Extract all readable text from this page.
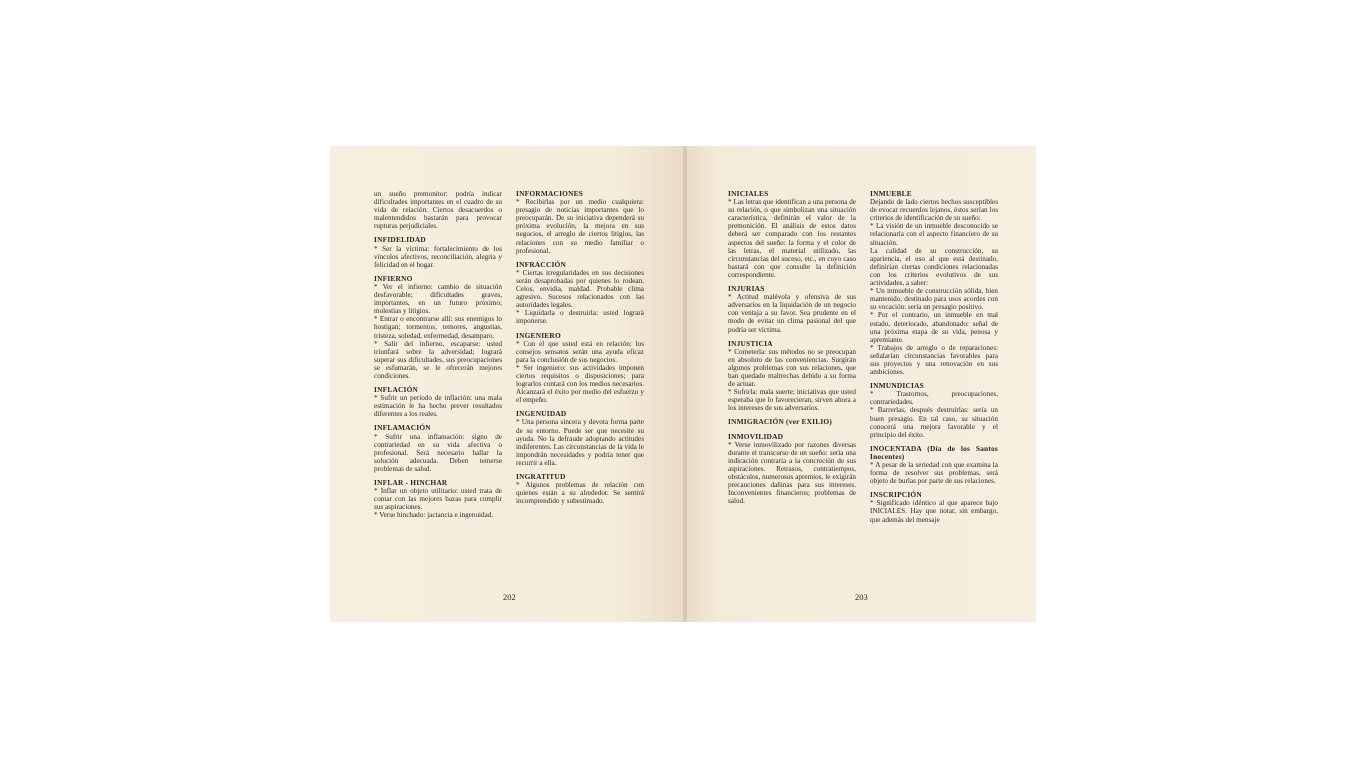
un sueño premonitor: podría indicar dificultades importantes en el cuadro de su vida de relación. Ciertos desacuerdos o malentendidos bastarán para provocar rupturas perjudiciales.

INFIDELIDAD

* Ser la víctima: fortalecimiento de los vínculos afectivos, reconciliación, alegría y felicidad en el hogar.

INFIERNO

* Ver el infierno: cambio de situación desfavorable; dificultades graves, importantes, en un futuro próximo; molestias y litigios.

* Entrar o encontrarse allí: sus enemigos lo hostigan; tormentos, temores, angustias, tristeza, soledad, enfermedad, desamparo.

* Salir del infierno, escaparse: usted triunfará sobre la adversidad; logrará superar sus dificultades, sus preocupaciones se esfumarán, se le ofrecerán mejores condiciones.

INFLACIÓN

* Sufrir un período de inflación: una mala estimación le ha hecho prever resultados diferentes a los reales.

INFLAMACIÓN

* Sufrir una inflamación: signo de contrariedad en su vida afectiva o profesional. Será necesario hallar la solución adecuada. Deben temerse problemas de salud.

INFLAR - HINCHAR

* Inflar un objeto utilitario: usted trata de contar con las mejores bazas para cumplir sus aspiraciones.

* Verse hinchado: jactancia e ingenuidad.

INFORMACIONES

* Recibirlas por un medio cualquiera: presagio de noticias importantes que lo preocuparán. De su iniciativa dependerá su próxima evolución, la mejora en sus negocios, el arreglo de ciertos litigios, las relaciones con su medio familiar o profesional.

INFRACCIÓN

* Ciertas irregularidades en sus decisiones serán desaprobadas por quienes lo rodean. Celos, envidia, maldad. Probable clima agresivo. Sucesos relacionados con las autoridades legales.

* Liquidarla o destruirla: usted logrará imponerse.

INGENIERO

* Con el que usted está en relación: los consejos sensatos serán una ayuda eficaz para la conclusión de sus negocios.

* Ser ingeniero: sus actividades imponen ciertos requisitos o disposiciones; para lograrlos contará con los medios necesarios. Alcanzará el éxito por medio del esfuerzo y el empeño.

INGENUIDAD

* Una persona sincera y devota forma parte de su entorno. Puede ser que necesite su ayuda. No la defraude adoptando actitudes indiferentes. Las circunstancias de la vida le impondrán necesidades y podría tener que recurrir a ella.

INGRATITUD

* Algunos problemas de relación con quienes están a su alrededor. Se sentirá incomprendido y subestimado.

202

INICIALES

* Las letras que identifican a una persona de su relación, o que simbolizan una situación característica, definirán el valor de la premonición. El análisis de estos datos deberá ser comparado con los restantes aspectos del sueño: la forma y el color de las letras, el material utilizado, las circunstancias del suceso, etc., en cuyo caso bastará con que consulte la definición correspondiente.

INJURIAS

* Actitud malévola y ofensiva de sus adversarios en la liquidación de un negocio con ventaja a su favor. Sea prudente en el modo de evitar un clima pasional del que podría ser víctima.

INJUSTICIA

* Cometerla: sus métodos no se preocupan en absoluto de las conveniencias. Surgirán algunos problemas con sus relaciones, que han quedado maltrechas debido a su forma de actuar.

* Sufrirla: mala suerte; iniciativas que usted esperaba que lo favorecieran, sirven ahora a los intereses de sus adversarios.

INMIGRACIÓN (ver EXILIO)

INMOVILIDAD

* Verse inmovilizado por razones diversas durante el transcurso de un sueño: sería una indicación contraria a la concreción de sus aspiraciones. Retrasos, contratiempos, obstáculos, numerosos apremios, le exigirán precauciones dañinas para sus intereses. Inconvenientes financieros; problemas de salud.

INMUEBLE

Dejando de lado ciertos hechos susceptibles de evocar recuerdos lejanos, éstos serían los criterios de identificación de su sueño:

* La visión de un inmueble desconocido se relacionaría con el aspecto financiero de su situación.

La calidad de su construcción, su apariencia, el uso al que está destinado, definirían ciertas condiciones relacionadas con los criterios evolutivos de sus actividades, a saber:

* Un inmueble de construcción sólida, bien mantenido, destinado para usos acordes con su vocación: sería un presagio positivo.

* Por el contrario, un inmueble en mal estado, deteriorado, abandonado: señal de una próxima etapa de su vida, penosa y apremiante.

* Trabajos de arreglo o de reparaciones: señalarían circunstancias favorables para sus proyectos y una renovación en sus ambiciones.

INMUNDICIAS

* Trastornos, preocupaciones, contrariedades.

* Barrerlas, después destruirlas: sería un buen presagio. En tal caso, su situación conocerá una mejora favorable y el principio del éxito.

INOCENTADA (Día de los Santos Inocentes)

* A pesar de la seriedad con que examina la forma de resolver sus problemas, será objeto de burlas por parte de sus relaciones.

INSCRIPCIÓN

* Significado idéntico al que aparece bajo INICIALES. Hay que notar, sin embargo, que además del mensaje

203
